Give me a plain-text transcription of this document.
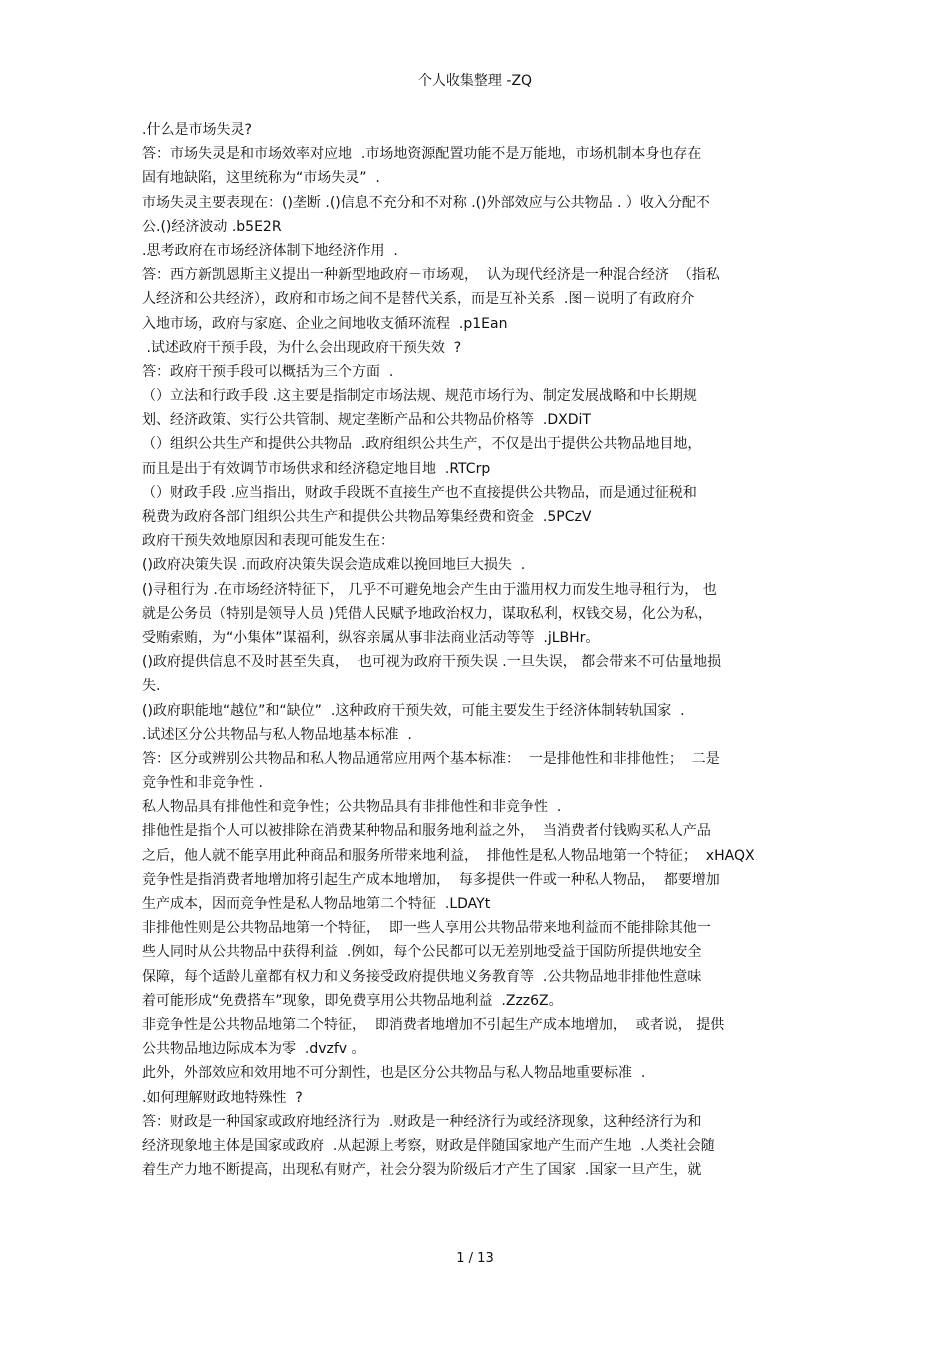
个人收集整理 -ZQ
.什么是市场失灵?
答：市场失灵是和市场效率对应地  .市场地资源配置功能不是万能地，市场机制本身也存在
固有地缺陷，这里统称为“市场失灵”  .
市场失灵主要表现在：()垄断 .()信息不充分和不对称 .()外部效应与公共物品 . ）收入分配不
公.()经济波动 .b5E2R
.思考政府在市场经济体制下地经济作用  .
答：西方新凯恩斯主义提出一种新型地政府－市场观，  认为现代经济是一种混合经济  （指私
人经济和公共经济），政府和市场之间不是替代关系，而是互补关系  .图－说明了有政府介
入地市场，政府与家庭、企业之间地收支循环流程  .p1Ean
.试述政府干预手段，为什么会出现政府干预失效  ?
答：政府干预手段可以概括为三个方面  .
（）立法和行政手段 .这主要是指制定市场法规、规范市场行为、制定发展战略和中长期规
划、经济政策、实行公共管制、规定垄断产品和公共物品价格等  .DXDiT
（）组织公共生产和提供公共物品  .政府组织公共生产，不仅是出于提供公共物品地目地，
而且是出于有效调节市场供求和经济稳定地目地  .RTCrp
（）财政手段 .应当指出，财政手段既不直接生产也不直接提供公共物品，而是通过征税和
税费为政府各部门组织公共生产和提供公共物品筹集经费和资金  .5PCzV
政府干预失效地原因和表现可能发生在：
()政府决策失误 .而政府决策失误会造成难以挽回地巨大损失  .
()寻租行为 .在市场经济特征下， 几乎不可避免地会产生由于滥用权力而发生地寻租行为， 也
就是公务员（特别是领导人员 )凭借人民赋予地政治权力，谋取私利，权钱交易，化公为私，
受贿索贿，为“小集体”谋福利，纵容亲属从事非法商业活动等等  .jLBHr。
()政府提供信息不及时甚至失真，  也可视为政府干预失误 .一旦失误， 都会带来不可估量地损
失.
()政府职能地“越位”和“缺位”  .这种政府干预失效，可能主要发生于经济体制转轨国家  .
.试述区分公共物品与私人物品地基本标准  .
答：区分或辨别公共物品和私人物品通常应用两个基本标准：  一是排他性和非排他性；  二是
竞争性和非竞争性 .
私人物品具有排他性和竞争性；公共物品具有非排他性和非竞争性  .
排他性是指个人可以被排除在消费某种物品和服务地利益之外，  当消费者付钱购买私人产品
之后，他人就不能享用此种商品和服务所带来地利益，  排他性是私人物品地第一个特征；  xHAQX
竞争性是指消费者地增加将引起生产成本地增加，  每多提供一件或一种私人物品，  都要增加
生产成本，因而竞争性是私人物品地第二个特征  .LDAYt
非排他性则是公共物品地第一个特征，  即一些人享用公共物品带来地利益而不能排除其他一
些人同时从公共物品中获得利益  .例如，每个公民都可以无差别地受益于国防所提供地安全
保障，每个适龄儿童都有权力和义务接受政府提供地义务教育等  .公共物品地非排他性意味
着可能形成“免费搭车”现象，即免费享用公共物品地利益  .Zzz6Z。
非竞争性是公共物品地第二个特征，  即消费者地增加不引起生产成本地增加，  或者说， 提供
公共物品地边际成本为零  .dvzfv 。
此外，外部效应和效用地不可分割性，也是区分公共物品与私人物品地重要标准  .
.如何理解财政地特殊性  ?
答：财政是一种国家或政府地经济行为  .财政是一种经济行为或经济现象，这种经济行为和
经济现象地主体是国家或政府  .从起源上考察，财政是伴随国家地产生而产生地  .人类社会随
着生产力地不断提高，出现私有财产，社会分裂为阶级后才产生了国家  .国家一旦产生，就
1 / 13
